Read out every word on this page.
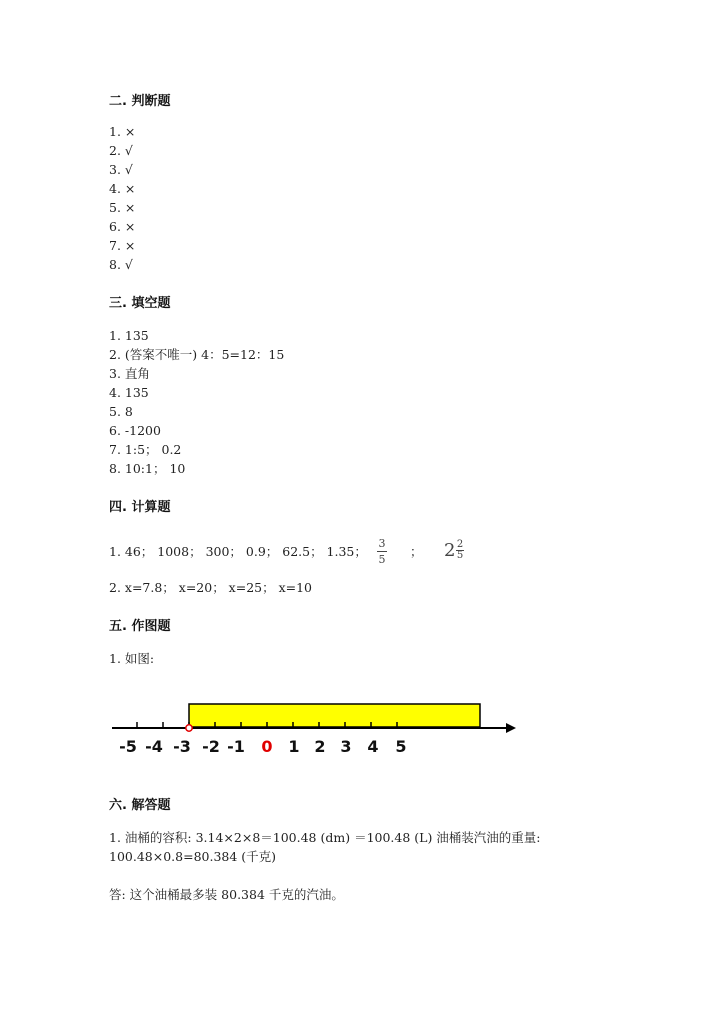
二. 判断题
1. ×
2. √
3. √
4. ×
5. ×
6. ×
7. ×
8. √
三. 填空题
1. 135
2. (答案不唯一) 4：5=12：15
3. 直角
4. 135
5. 8
6. -1200
7. 1:5； 0.2
8. 10:1； 10
四. 计算题
1. 46； 1008； 300； 0.9； 62.5； 1.35；
3
5
； 2 2
5
2. x=7.8； x=20； x=25； x=10
五. 作图题
1. 如图:
-5 -4 -3 -2 -1 0 1 2 3 4 5
六. 解答题
1. 油桶的容积: 3.14×2×8＝100.48 (dm) ＝100.48 (L) 油桶装汽油的重量:
100.48×0.8=80.384 (千克)
答: 这个油桶最多装 80.384 千克的汽油。
